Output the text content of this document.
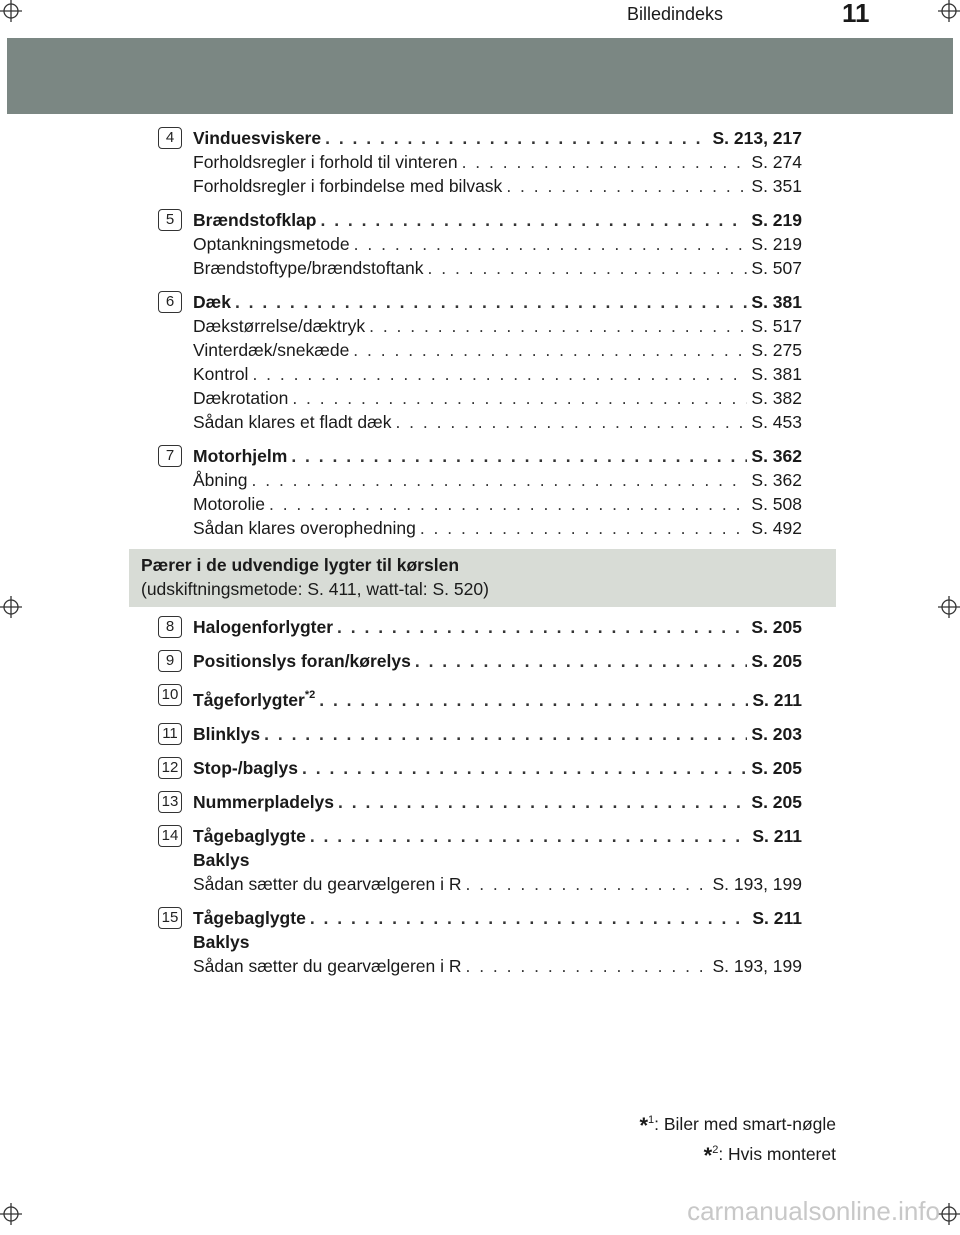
Billedindeks	11
4	Vinduesviskere . . .	S. 213, 217
Forholdsregler i forhold til vinteren . . .	S. 274
Forholdsregler i forbindelse med bilvask . . .	S. 351
5	Brændstofklap . . .	S. 219
Optankningsmetode . . .	S. 219
Brændstoftype/brændstoftank . . .	S. 507
6	Dæk . . .	S. 381
Dækstørrelse/dæktryk . . .	S. 517
Vinterdæk/snekæde . . .	S. 275
Kontrol . . .	S. 381
Dækrotation . . .	S. 382
Sådan klares et fladt dæk . . .	S. 453
7	Motorhjelm . . .	S. 362
Åbning . . .	S. 362
Motorolie . . .	S. 508
Sådan klares overophedning . . .	S. 492
Pærer i de udvendige lygter til kørslen
(udskiftningsmetode: S. 411, watt-tal: S. 520)
8	Halogenforlygter . . .	S. 205
9	Positionslys foran/kørelys . . .	S. 205
10 Tågeforlygter$^{*2}$ . . .	S. 211
11 Blinklys . . .	S. 203
12 Stop-/baglys . . .	S. 205
13 Nummerpladelys . . .	S. 205
14 Tågebaglygte . . .	S. 211
Baklys
Sådan sætter du gearvælgeren i R . . .	S. 193, 199
15 Tågebaglygte . . .	S. 211
Baklys
Sådan sætter du gearvælgeren i R . . .	S. 193, 199
*$^1$: Biler med smart-nøgle
*$^2$: Hvis monteret
carmanualsonline.info
